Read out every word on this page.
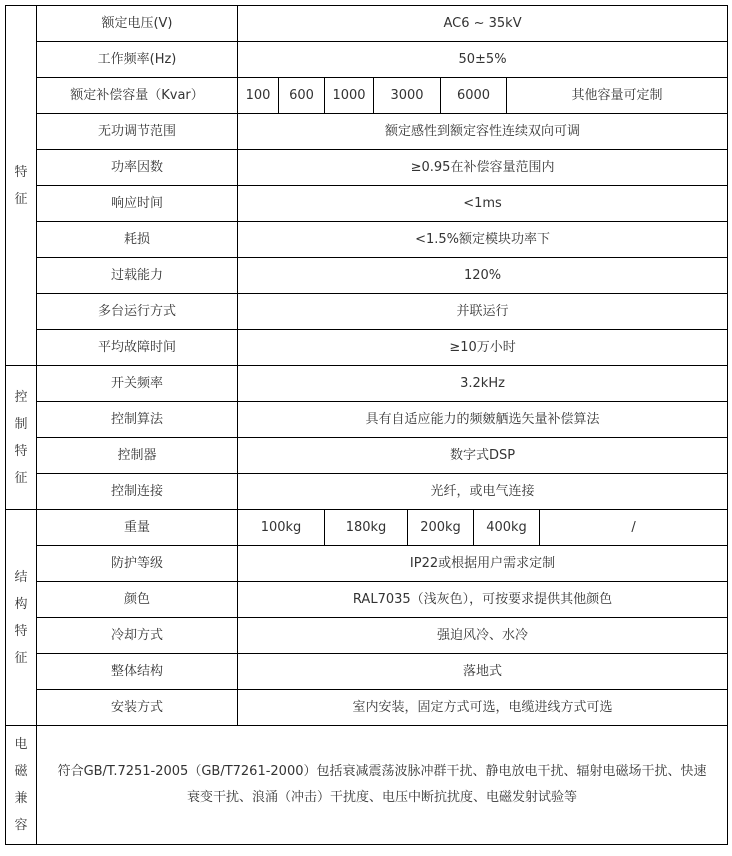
特
征	额定电压(V)	AC6 ~ 35kV								
	工作频率(Hz)	50±5%								
	额定补偿容量（Kvar）	100	600	1000	3000		6000		其他容量可定制	
	无功调节范围	额定感性到额定容性连续双向可调								
	功率因数	≥0.95在补偿容量范围内								
	响应时间	<1ms								
	耗损	<1.5%额定模块功率下								
	过载能力	120%								
	多台运行方式	并联运行								
	平均故障时间	≥10万小时								

控
制
特
征	开关频率	3.2kHz								
	控制算法	具有自适应能力的频皴舾选矢量补偿算法								
	控制器	数字式DSP								
	控制连接	光纤，或电气连接								

结
构
特
征	重量	100kg		180kg		200kg		400kg		/
	防护等级	IP22或根据用户需求定制								
	颜色	RAL7035（浅灰色），可按要求提供其他颜色								
	冷却方式	强迫风冷、水冷								
	整体结构	落地式								
	安装方式	室内安装，固定方式可选，电缆进线方式可选								

电
磁
兼
容	符合GB/T.7251-2005（GB/T7261-2000）包括衰减震荡波脉冲群干扰、静电放电干扰、辐射电磁场干扰、快速衰变干扰、浪涌（冲击）干扰度、电压中断抗扰度、电磁发射试验等									
